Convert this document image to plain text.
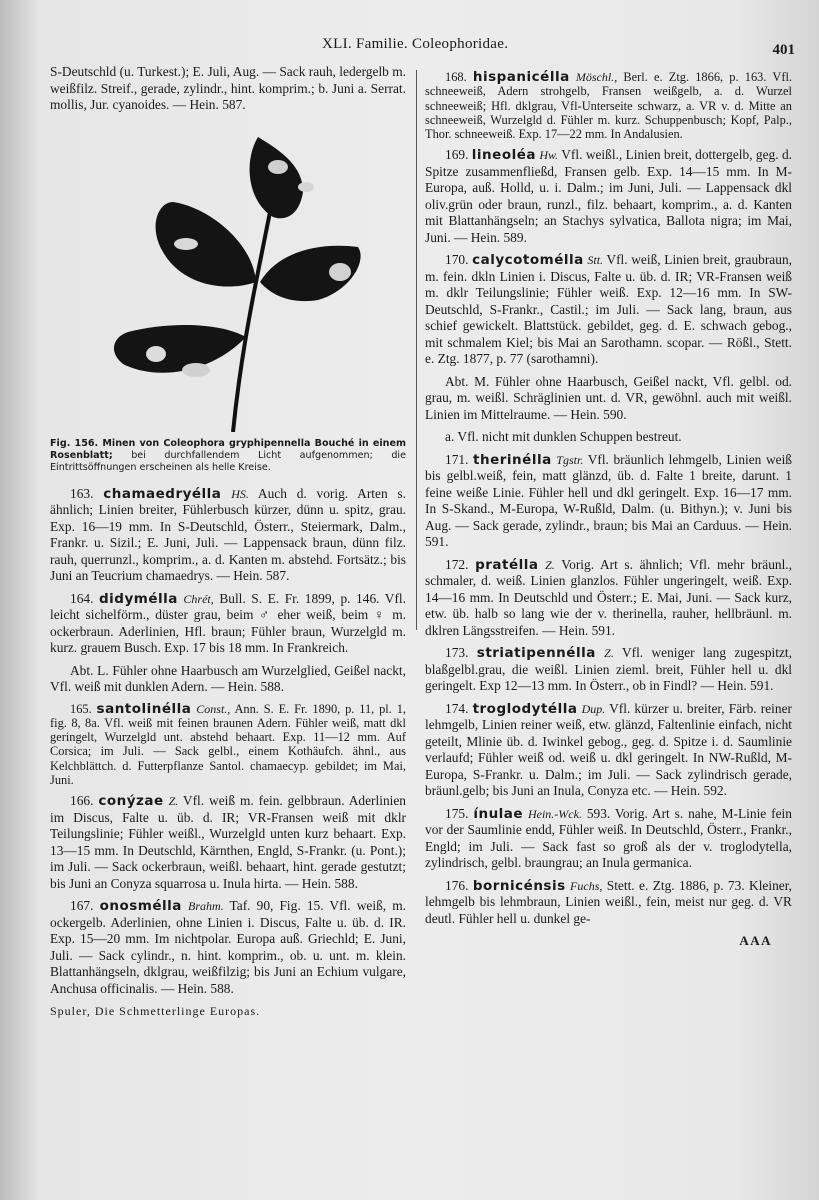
XLI. Familie. Coleophoridae.	401

S-Deutschld (u. Turkest.); E. Juli, Aug. — Sack rauh, ledergelb m. weißfilz. Streif., gerade, zylindr., hint. komprim.; b. Juni a. Serrat. mollis, Jur. cyanoides. — Hein. 587.

Fig. 156. Minen von Coleophora gryphipennella Bouché in einem Rosenblatt; bei durchfallendem Licht aufgenommen; die Eintrittsöffnungen erscheinen als helle Kreise.

163. chamaedryélla HS. Auch d. vorig. Arten s. ähnlich; Linien breiter, Fühlerbusch kürzer, dünn u. spitz, grau. Exp. 16—19 mm. In S-Deutschld, Österr., Steiermark, Dalm., Frankr. u. Sizil.; E. Juni, Juli. — Lappensack braun, dünn filz. rauh, querrunzl., komprim., a. d. Kanten m. abstehd. Fortsätz.; bis Juni an Teucrium chamaedrys. — Hein. 587.

164. didymélla Chrét, Bull. S. E. Fr. 1899, p. 146. Vfl. leicht sichelförm., düster grau, beim ♂ eher weiß, beim ♀ m. ockerbraun. Aderlinien, Hfl. braun; Fühler braun, Wurzelgld m. kurz. grauem Busch. Exp. 17 bis 18 mm. In Frankreich.

Abt. L. Fühler ohne Haarbusch am Wurzelglied, Geißel nackt, Vfl. weiß mit dunklen Adern. — Hein. 588.

165. santolinélla Const., Ann. S. E. Fr. 1890, p. 11, pl. 1, fig. 8, 8a. Vfl. weiß mit feinen braunen Adern. Fühler weiß, matt dkl geringelt, Wurzelgld unt. abstehd behaart. Exp. 11—12 mm. Auf Corsica; im Juli. — Sack gelbl., einem Kothäufch. ähnl., aus Kelchblättch. d. Futterpflanze Santol. chamaecyp. gebildet; im Mai, Juni.

166. conýzae Z. Vfl. weiß m. fein. gelbbraun. Aderlinien im Discus, Falte u. üb. d. IR; VR-Fransen weiß mit dklr Teilungslinie; Fühler weißl., Wurzelgld unten kurz behaart. Exp. 13—15 mm. In Deutschld, Kärnthen, Engld, S-Frankr. (u. Pont.); im Juli. — Sack ockerbraun, weißl. behaart, hint. gerade gestutzt; bis Juni an Conyza squarrosa u. Inula hirta. — Hein. 588.

167. onosmélla Brahm. Taf. 90, Fig. 15. Vfl. weiß, m. ockergelb. Aderlinien, ohne Linien i. Discus, Falte u. üb. d. IR. Exp. 15—20 mm. Im nichtpolar. Europa auß. Griechld; E. Juni, Juli. — Sack cylindr., n. hint. komprim., ob. u. unt. m. klein. Blattanhängseln, dklgrau, weißfilzig; bis Juni an Echium vulgare, Anchusa officinalis. — Hein. 588.

Spuler, Die Schmetterlinge Europas.

168. hispanicélla Möschl., Berl. e. Ztg. 1866, p. 163. Vfl. schneeweiß, Adern strohgelb, Fransen weißgelb, a. d. Wurzel schneeweiß; Hfl. dklgrau, Vfl-Unterseite schwarz, a. VR v. d. Mitte an schneeweiß, Wurzelgld d. Fühler m. kurz. Schuppenbusch; Kopf, Palp., Thor. schneeweiß. Exp. 17—22 mm. In Andalusien.

169. lineoléa Hw. Vfl. weißl., Linien breit, dottergelb, geg. d. Spitze zusammenfließd, Fransen gelb. Exp. 14—15 mm. In M-Europa, auß. Holld, u. i. Dalm.; im Juni, Juli. — Lappensack dkl oliv.grün oder braun, runzl., filz. behaart, komprim., a. d. Kanten mit Blattanhängseln; an Stachys sylvatica, Ballota nigra; im Mai, Juni. — Hein. 589.

170. calycotomélla Stt. Vfl. weiß, Linien breit, graubraun, m. fein. dkln Linien i. Discus, Falte u. üb. d. IR; VR-Fransen weiß m. dklr Teilungslinie; Fühler weiß. Exp. 12—16 mm. In SW-Deutschld, S-Frankr., Castil.; im Juli. — Sack lang, braun, aus schief gewickelt. Blattstück. gebildet, geg. d. E. schwach gebog., mit schmalem Kiel; bis Mai an Sarothamn. scopar. — Rößl., Stett. e. Ztg. 1877, p. 77 (sarothamni).

Abt. M. Fühler ohne Haarbusch, Geißel nackt, Vfl. gelbl. od. grau, m. weißl. Schräglinien unt. d. VR, gewöhnl. auch mit weißl. Linien im Mittelraume. — Hein. 590.

a. Vfl. nicht mit dunklen Schuppen bestreut.

171. therinélla Tgstr. Vfl. bräunlich lehmgelb, Linien weiß bis gelbl.weiß, fein, matt glänzd, üb. d. Falte 1 breite, darunt. 1 feine weiße Linie. Fühler hell und dkl geringelt. Exp. 16—17 mm. In S-Skand., M-Europa, W-Rußld, Dalm. (u. Bithyn.); v. Juni bis Aug. — Sack gerade, zylindr., braun; bis Mai an Carduus. — Hein. 591.

172. pratélla Z. Vorig. Art s. ähnlich; Vfl. mehr bräunl., schmaler, d. weiß. Linien glanzlos. Fühler ungeringelt, weiß. Exp. 14—16 mm. In Deutschld und Österr.; E. Mai, Juni. — Sack kurz, etw. üb. halb so lang wie der v. therinella, rauher, hellbräunl. m. dklren Längsstreifen. — Hein. 591.

173. striatipennélla Z. Vfl. weniger lang zugespitzt, blaßgelbl.grau, die weißl. Linien zieml. breit, Fühler hell u. dkl geringelt. Exp 12—13 mm. In Österr., ob in Findl? — Hein. 591.

174. troglodytélla Dup. Vfl. kürzer u. breiter, Färb. reiner lehmgelb, Linien reiner weiß, etw. glänzd, Faltenlinie einfach, nicht geteilt, Mlinie üb. d. Iwinkel gebog., geg. d. Spitze i. d. Saumlinie verlaufd; Fühler weiß od. weiß u. dkl geringelt. In NW-Rußld, M-Europa, S-Frankr. u. Dalm.; im Juli. — Sack zylindrisch gerade, bräunl.gelb; bis Juni an Inula, Conyza etc. — Hein. 592.

175. ínulae Hein.-Wck. 593. Vorig. Art s. nahe, M-Linie fein vor der Saumlinie endd, Fühler weiß. In Deutschld, Österr., Frankr., Engld; im Juli. — Sack fast so groß als der v. troglodytella, zylindrisch, gelbl. braungrau; an Inula germanica.

176. bornicénsis Fuchs, Stett. e. Ztg. 1886, p. 73. Kleiner, lehmgelb bis lehmbraun, Linien weißl., fein, meist nur geg. d. VR deutl. Fühler hell u. dunkel ge-

AAA
